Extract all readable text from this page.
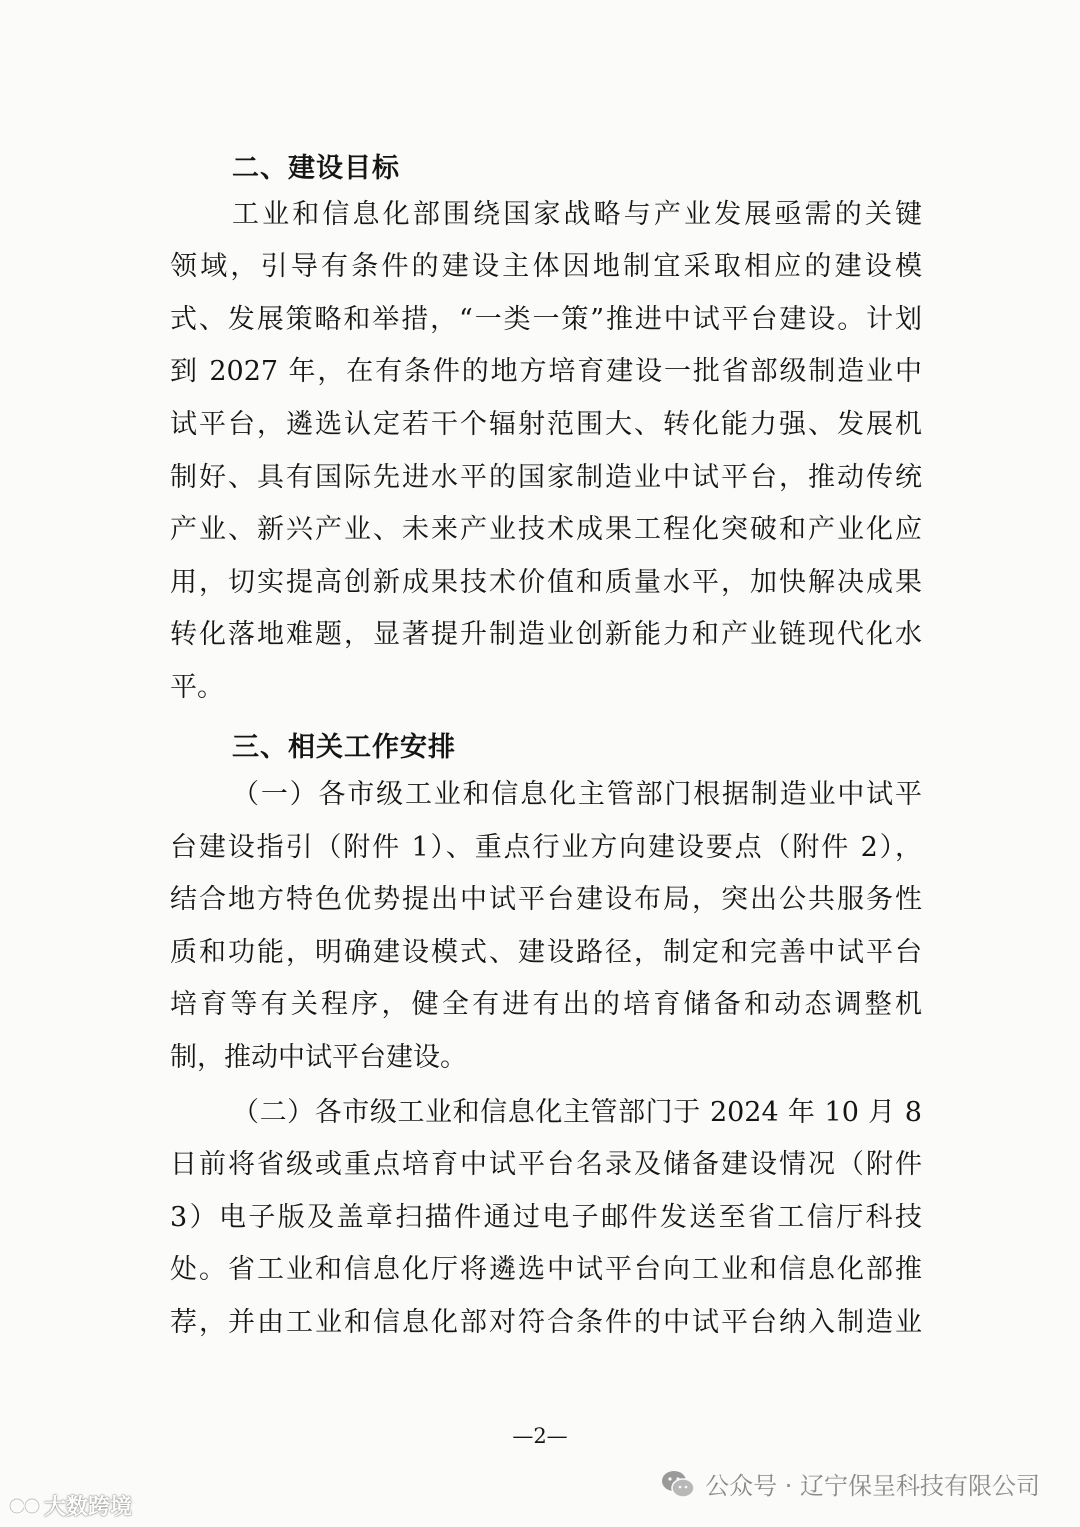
二、建设目标
工业和信息化部围绕国家战略与产业发展亟需的关键
领域，引导有条件的建设主体因地制宜采取相应的建设模
式、发展策略和举措，“一类一策”推进中试平台建设。计划
到 2027 年，在有条件的地方培育建设一批省部级制造业中
试平台，遴选认定若干个辐射范围大、转化能力强、发展机
制好、具有国际先进水平的国家制造业中试平台，推动传统
产业、新兴产业、未来产业技术成果工程化突破和产业化应
用，切实提高创新成果技术价值和质量水平，加快解决成果
转化落地难题，显著提升制造业创新能力和产业链现代化水
平。
三、相关工作安排
（一）各市级工业和信息化主管部门根据制造业中试平
台建设指引（附件 1）、重点行业方向建设要点（附件 2），
结合地方特色优势提出中试平台建设布局，突出公共服务性
质和功能，明确建设模式、建设路径，制定和完善中试平台
培育等有关程序，健全有进有出的培育储备和动态调整机
制，推动中试平台建设。
（二）各市级工业和信息化主管部门于 2024 年 10 月 8
日前将省级或重点培育中试平台名录及储备建设情况（附件
3）电子版及盖章扫描件通过电子邮件发送至省工信厅科技
处。省工业和信息化厅将遴选中试平台向工业和信息化部推
荐，并由工业和信息化部对符合条件的中试平台纳入制造业
—2—
公众号 · 辽宁保呈科技有限公司
大数跨境
